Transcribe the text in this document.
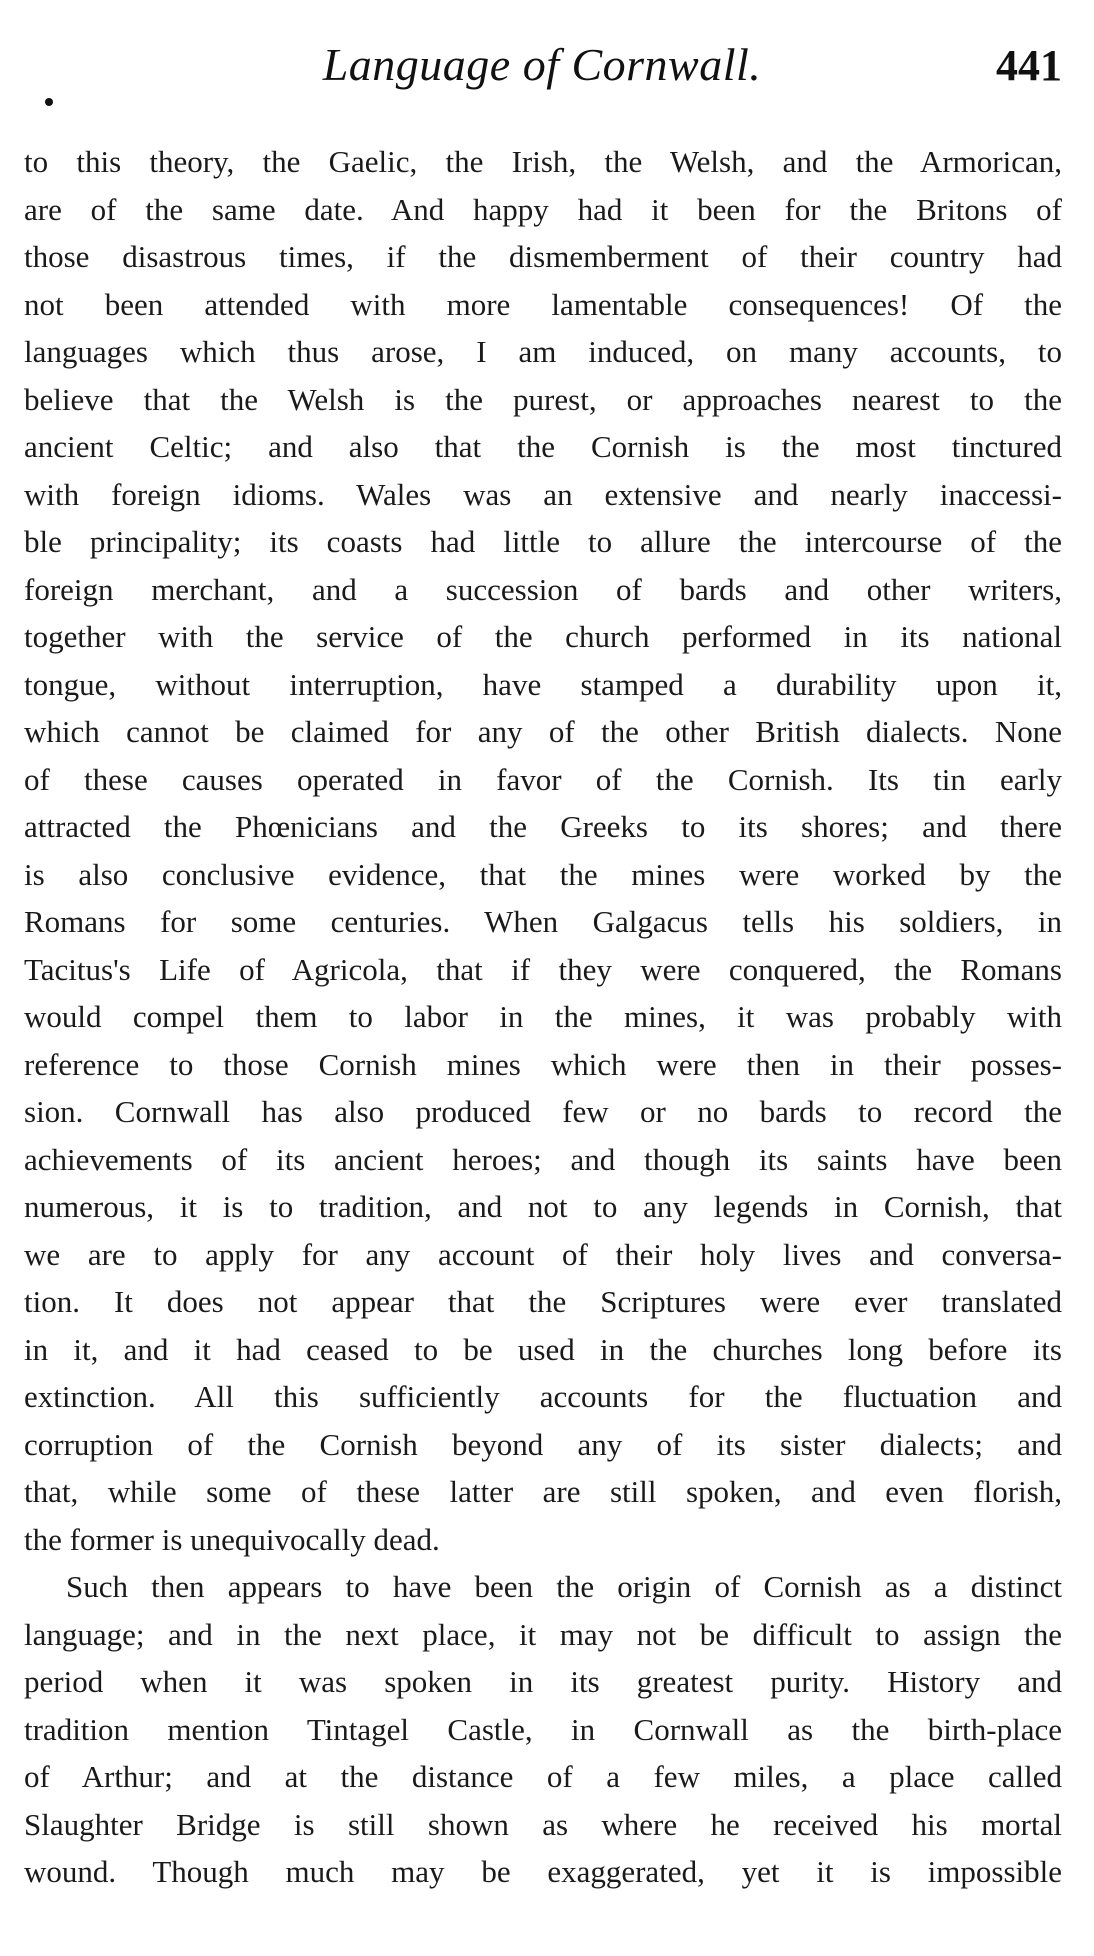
Language of Cornwall.	441
to this theory, the Gaelic, the Irish, the Welsh, and the Armorican,
are of the same date. And happy had it been for the Britons of
those disastrous times, if the dismemberment of their country had
not been attended with more lamentable consequences! Of the
languages which thus arose, I am induced, on many accounts, to
believe that the Welsh is the purest, or approaches nearest to the
ancient Celtic; and also that the Cornish is the most tinctured
with foreign idioms. Wales was an extensive and nearly inaccessi-
ble principality; its coasts had little to allure the intercourse of the
foreign merchant, and a succession of bards and other writers,
together with the service of the church performed in its national
tongue, without interruption, have stamped a durability upon it,
which cannot be claimed for any of the other British dialects. None
of these causes operated in favor of the Cornish. Its tin early
attracted the Phœnicians and the Greeks to its shores; and there
is also conclusive evidence, that the mines were worked by the
Romans for some centuries. When Galgacus tells his soldiers, in
Tacitus's Life of Agricola, that if they were conquered, the Romans
would compel them to labor in the mines, it was probably with
reference to those Cornish mines which were then in their posses-
sion. Cornwall has also produced few or no bards to record the
achievements of its ancient heroes; and though its saints have been
numerous, it is to tradition, and not to any legends in Cornish, that
we are to apply for any account of their holy lives and conversa-
tion. It does not appear that the Scriptures were ever translated
in it, and it had ceased to be used in the churches long before its
extinction. All this sufficiently accounts for the fluctuation and
corruption of the Cornish beyond any of its sister dialects; and
that, while some of these latter are still spoken, and even florish,
the former is unequivocally dead.
Such then appears to have been the origin of Cornish as a distinct
language; and in the next place, it may not be difficult to assign the
period when it was spoken in its greatest purity. History and
tradition mention Tintagel Castle, in Cornwall as the birth-place
of Arthur; and at the distance of a few miles, a place called
Slaughter Bridge is still shown as where he received his mortal
wound. Though much may be exaggerated, yet it is impossible
